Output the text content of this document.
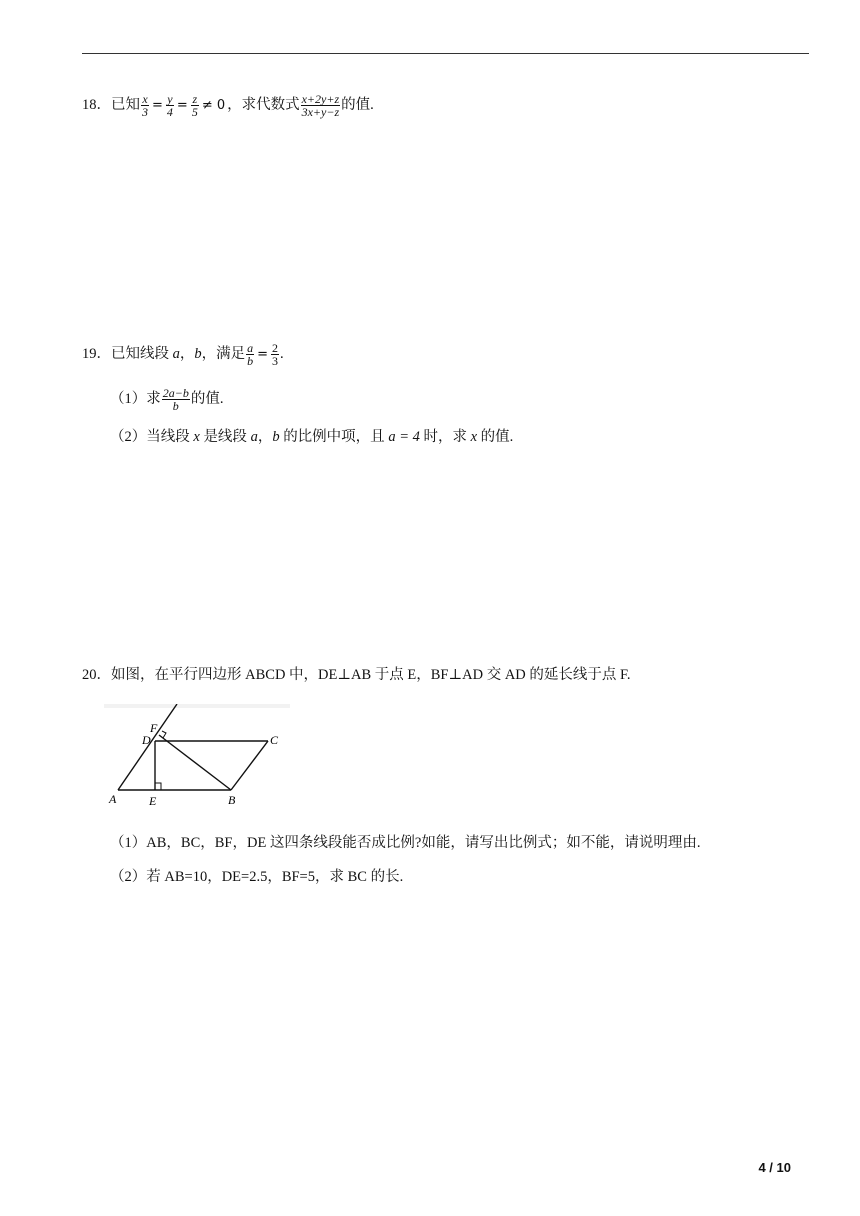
18．已知 $\frac{x}{3} = \frac{y}{4} = \frac{z}{5} \ne 0$ ，求代数式 $\frac{x+2y+z}{3x+y-z}$ 的值.
19．已知线段 a，b，满足 $\frac{a}{b} = \frac{2}{3}$ .
（1）求 $\frac{2a-b}{b}$ 的值.
（2）当线段 x 是线段 a，b 的比例中项，且 a = 4 时，求 x 的值.
20．如图，在平行四边形 ABCD 中，DE⊥AB 于点 E，BF⊥AD 交 AD 的延长线于点 F.
F
D	C
A	E	B
（1）AB，BC，BF，DE 这四条线段能否成比例?如能，请写出比例式；如不能，请说明理由.
（2）若 AB=10，DE=2.5，BF=5，求 BC 的长.
4 / 10
